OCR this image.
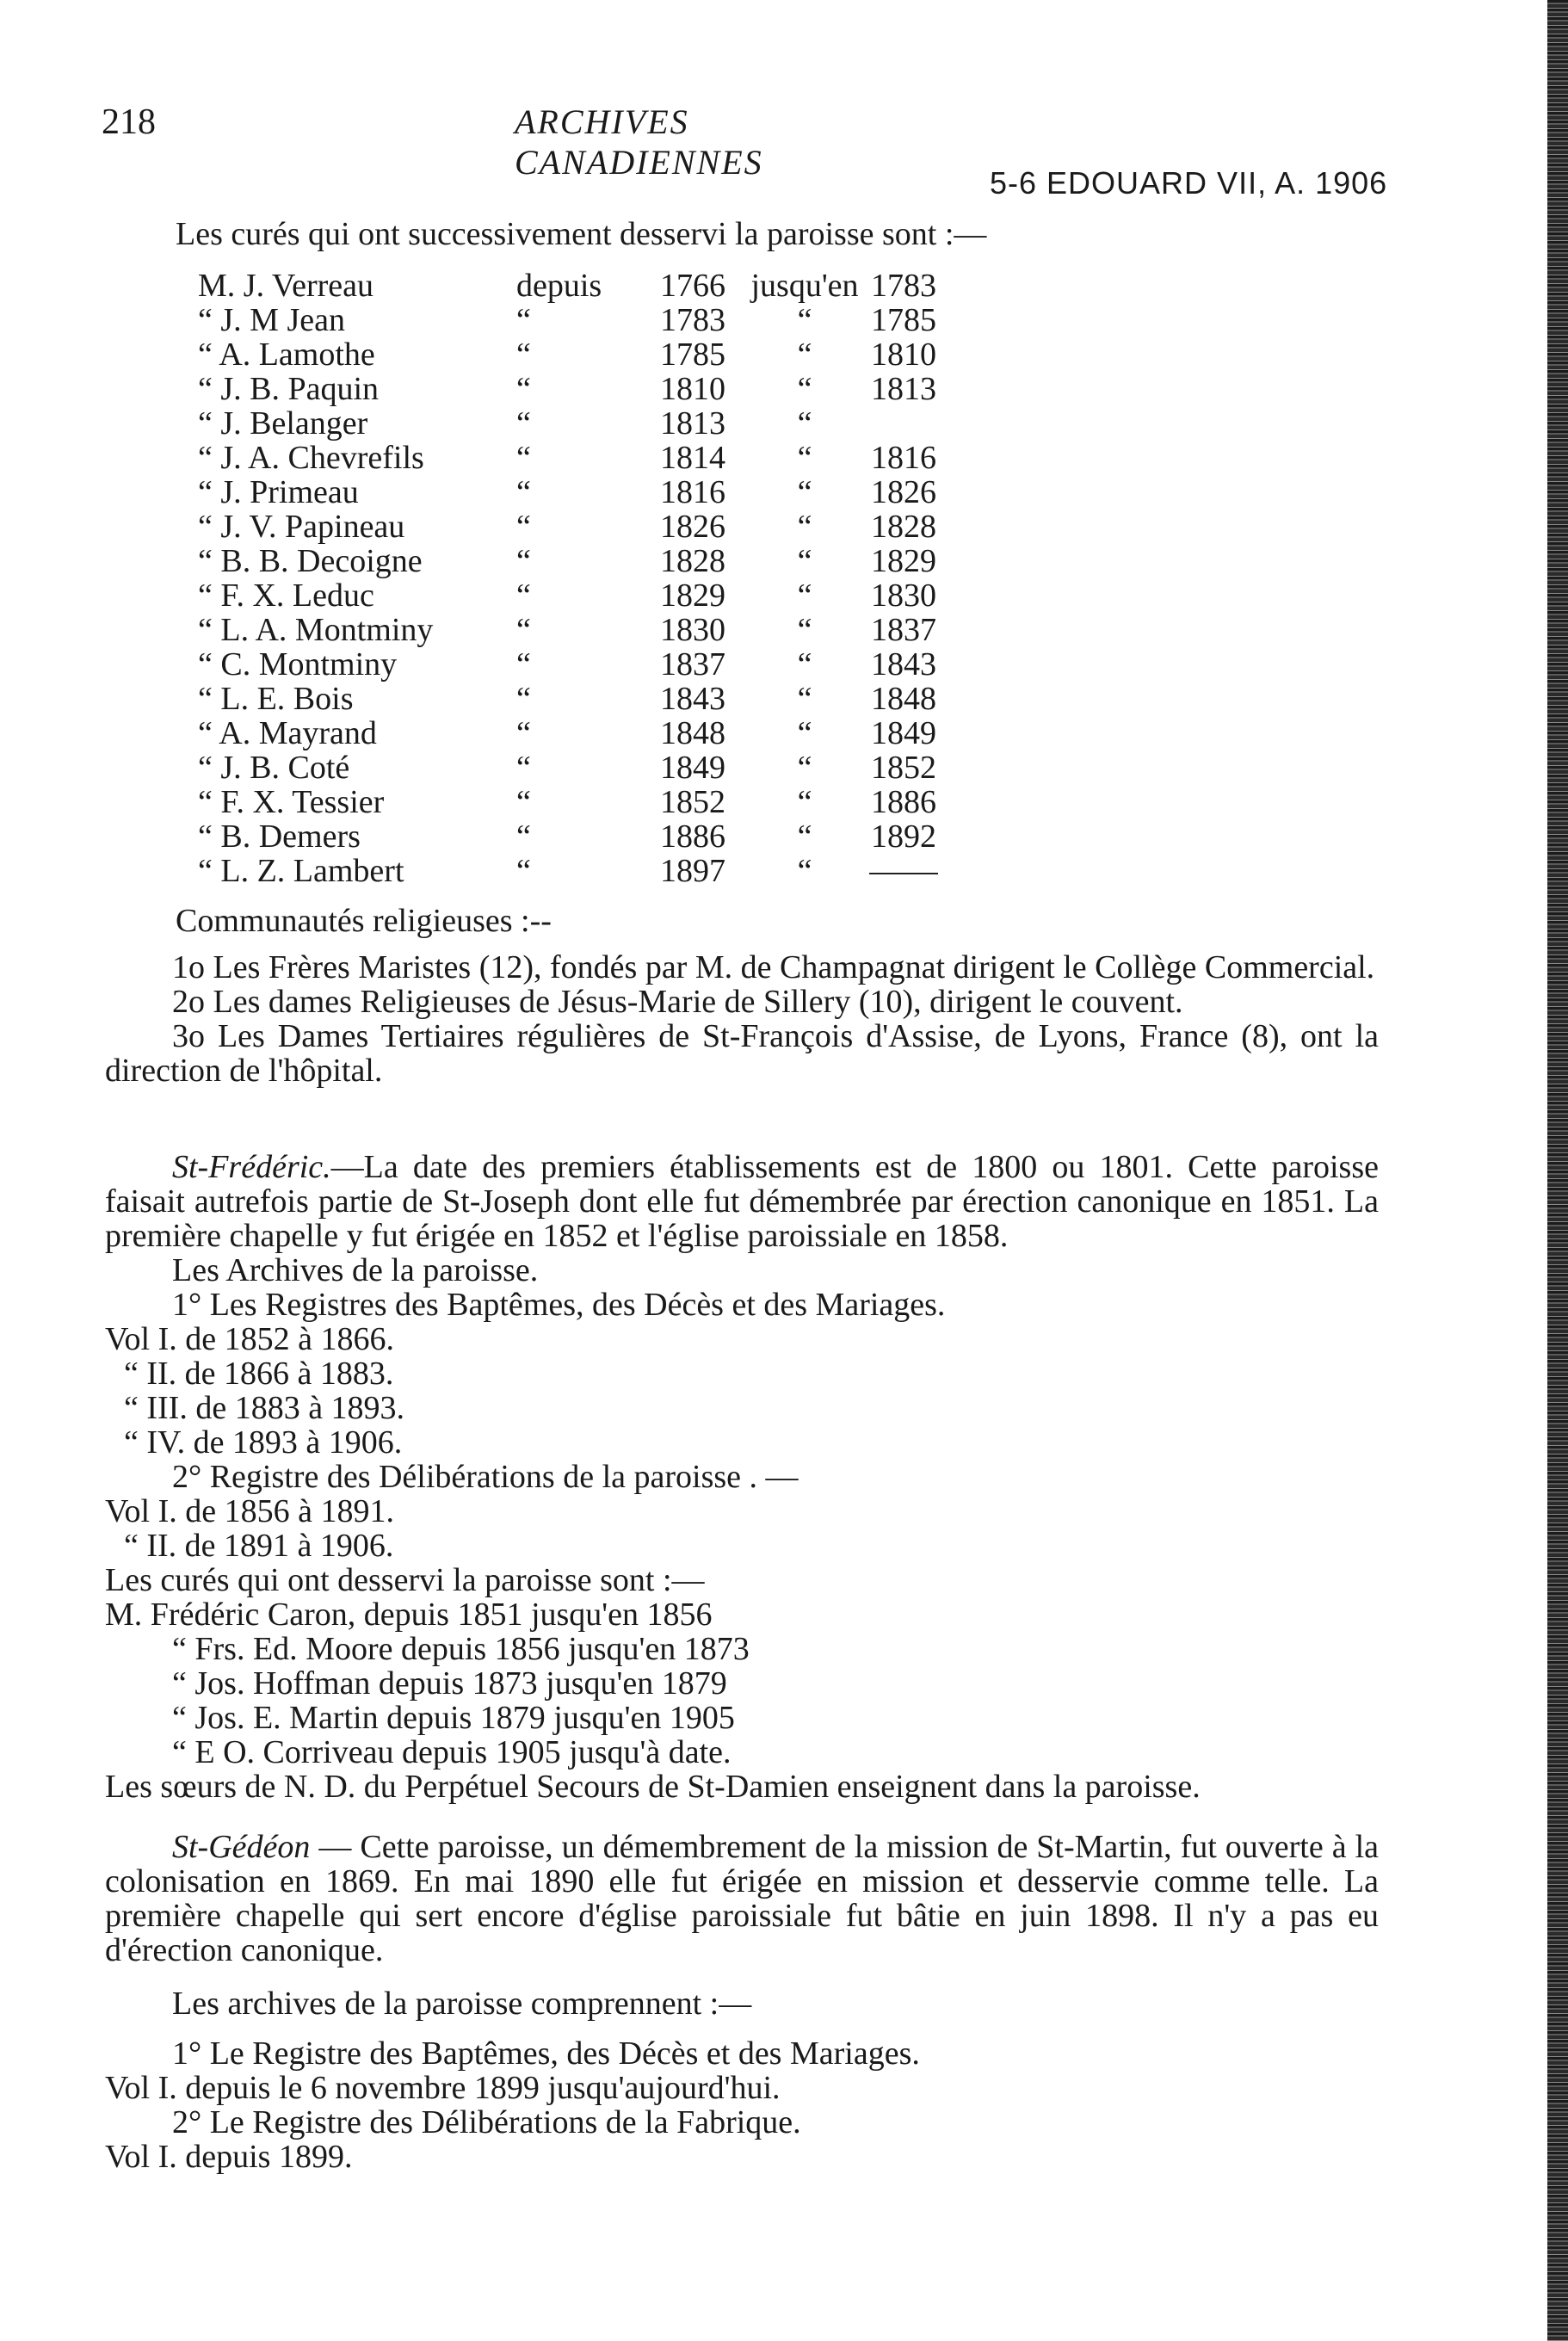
218	ARCHIVES CANADIENNES
5-6 EDOUARD VII, A. 1906

Les curés qui ont successivement desservi la paroisse sont :—

M. J. Verreau	depuis	1766	jusqu'en	1783
“ J. M Jean	“	1783	“	1785
“ A. Lamothe	“	1785	“	1810
“ J. B. Paquin	“	1810	“	1813
“ J. Belanger	“	1813	“	
“ J. A. Chevrefils	“	1814	“	1816
“ J. Primeau	“	1816	“	1826
“ J. V. Papineau	“	1826	“	1828
“ B. B. Decoigne	“	1828	“	1829
“ F. X. Leduc	“	1829	“	1830
“ L. A. Montminy	“	1830	“	1837
“ C. Montminy	“	1837	“	1843
“ L. E. Bois	“	1843	“	1848
“ A. Mayrand	“	1848	“	1849
“ J. B. Coté	“	1849	“	1852
“ F. X. Tessier	“	1852	“	1886
“ B. Demers	“	1886	“	1892
“ L. Z. Lambert	“	1897	“	
Communautés religieuses :--

1o Les Frères Maristes (12), fondés par M. de Champagnat dirigent le Collège Commercial.

2o Les dames Religieuses de Jésus-Marie de Sillery (10), dirigent le couvent.

3o Les Dames Tertiaires régulières de St-François d'Assise, de Lyons, France (8), ont la direction de l'hôpital.

St-Frédéric.—La date des premiers établissements est de 1800 ou 1801. Cette paroisse faisait autrefois partie de St-Joseph dont elle fut démembrée par érection canonique en 1851. La première chapelle y fut érigée en 1852 et l'église paroissiale en 1858.

Les Archives de la paroisse.
1° Les Registres des Baptêmes, des Décès et des Mariages.
Vol I. de 1852 à 1866.
“ II. de 1866 à 1883.
“ III. de 1883 à 1893.
“ IV. de 1893 à 1906.
2° Registre des Délibérations de la paroisse . —
Vol I. de 1856 à 1891.
“ II. de 1891 à 1906.
Les curés qui ont desservi la paroisse sont :—
M. Frédéric Caron, depuis 1851 jusqu'en 1856
“ Frs. Ed. Moore depuis 1856 jusqu'en 1873
“ Jos. Hoffman depuis 1873 jusqu'en 1879
“ Jos. E. Martin depuis 1879 jusqu'en 1905
“ E O. Corriveau depuis 1905 jusqu'à date.

Les sœurs de N. D. du Perpétuel Secours de St-Damien enseignent dans la paroisse.

St-Gédéon — Cette paroisse, un démembrement de la mission de St-Martin, fut ouverte à la colonisation en 1869. En mai 1890 elle fut érigée en mission et desservie comme telle. La première chapelle qui sert encore d'église paroissiale fut bâtie en juin 1898. Il n'y a pas eu d'érection canonique.

Les archives de la paroisse comprennent :—
1° Le Registre des Baptêmes, des Décès et des Mariages.
Vol I. depuis le 6 novembre 1899 jusqu'aujourd'hui.
2° Le Registre des Délibérations de la Fabrique.
Vol I. depuis 1899.
